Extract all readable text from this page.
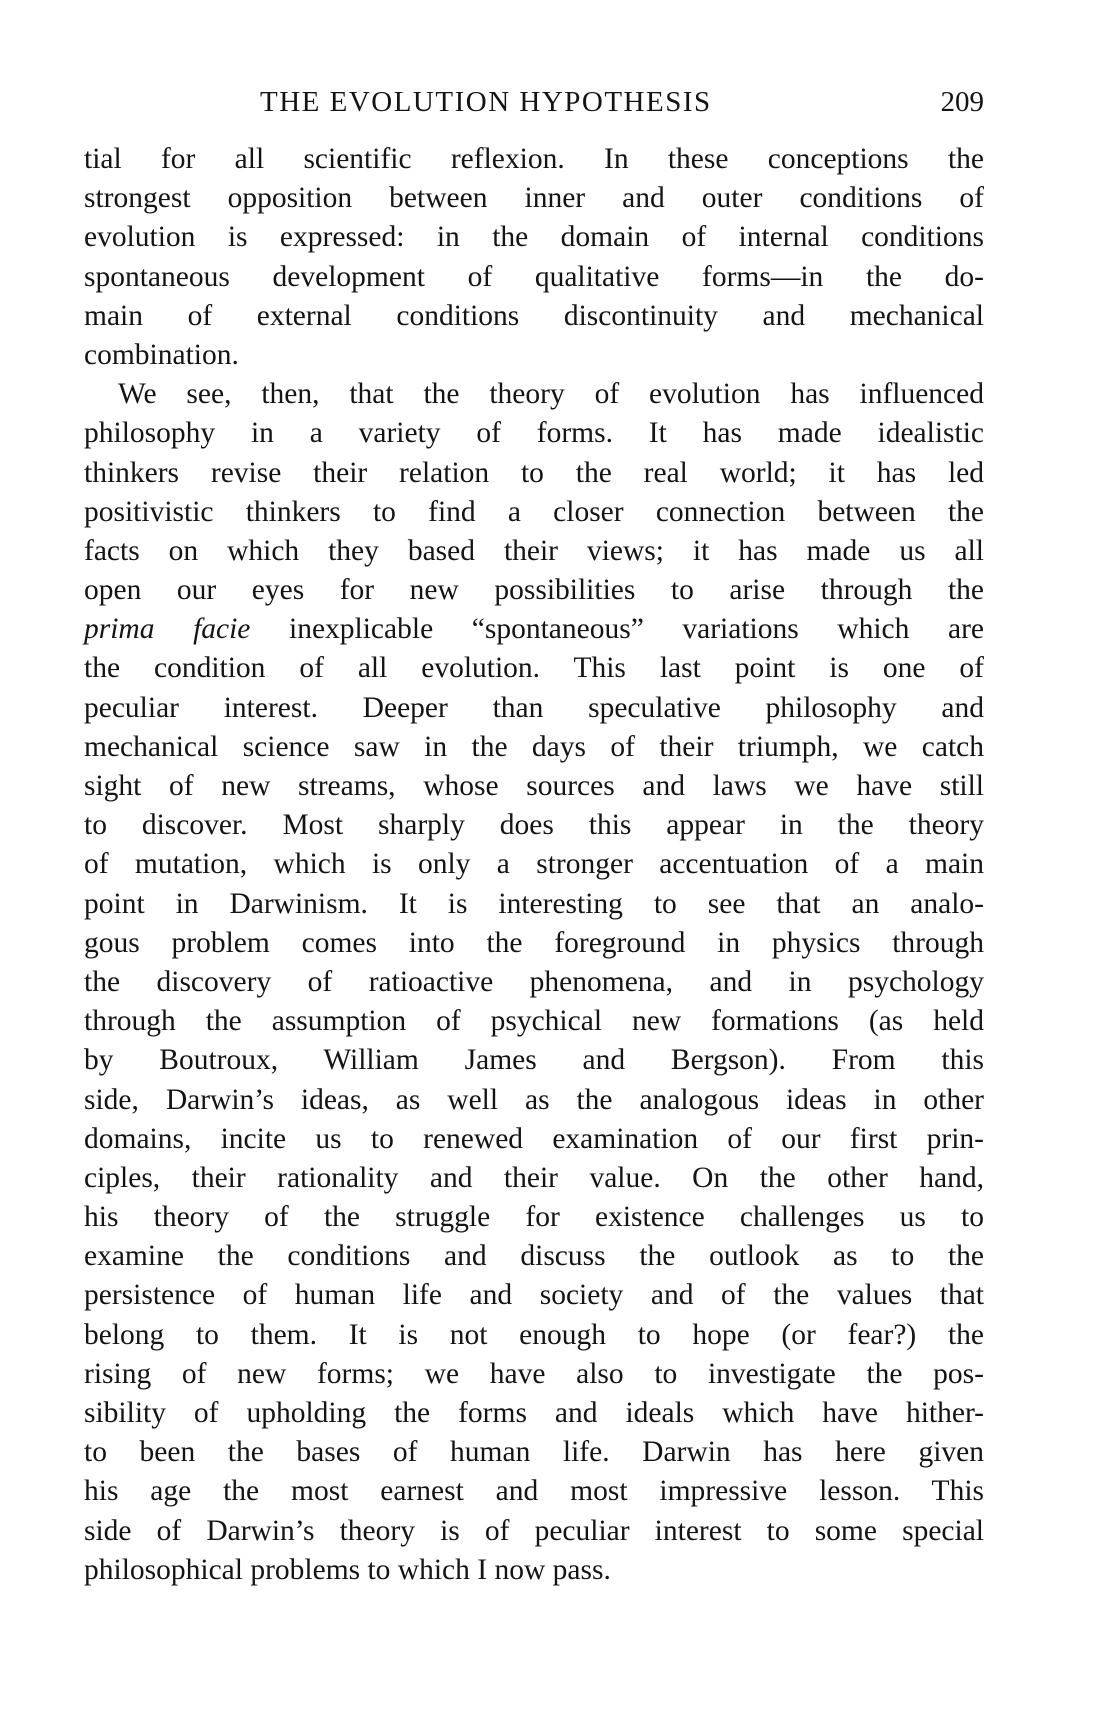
THE EVOLUTION HYPOTHESIS	209
tial for all scientific reflexion. In these conceptions the
strongest opposition between inner and outer conditions of
evolution is expressed: in the domain of internal conditions
spontaneous development of qualitative forms—in the do-
main of external conditions discontinuity and mechanical
combination.
We see, then, that the theory of evolution has influenced
philosophy in a variety of forms. It has made idealistic
thinkers revise their relation to the real world; it has led
positivistic thinkers to find a closer connection between the
facts on which they based their views; it has made us all
open our eyes for new possibilities to arise through the
prima facie inexplicable “spontaneous” variations which are
the condition of all evolution. This last point is one of
peculiar interest. Deeper than speculative philosophy and
mechanical science saw in the days of their triumph, we catch
sight of new streams, whose sources and laws we have still
to discover. Most sharply does this appear in the theory
of mutation, which is only a stronger accentuation of a main
point in Darwinism. It is interesting to see that an analo-
gous problem comes into the foreground in physics through
the discovery of ratioactive phenomena, and in psychology
through the assumption of psychical new formations (as held
by Boutroux, William James and Bergson). From this
side, Darwin’s ideas, as well as the analogous ideas in other
domains, incite us to renewed examination of our first prin-
ciples, their rationality and their value. On the other hand,
his theory of the struggle for existence challenges us to
examine the conditions and discuss the outlook as to the
persistence of human life and society and of the values that
belong to them. It is not enough to hope (or fear?) the
rising of new forms; we have also to investigate the pos-
sibility of upholding the forms and ideals which have hither-
to been the bases of human life. Darwin has here given
his age the most earnest and most impressive lesson. This
side of Darwin’s theory is of peculiar interest to some special
philosophical problems to which I now pass.
